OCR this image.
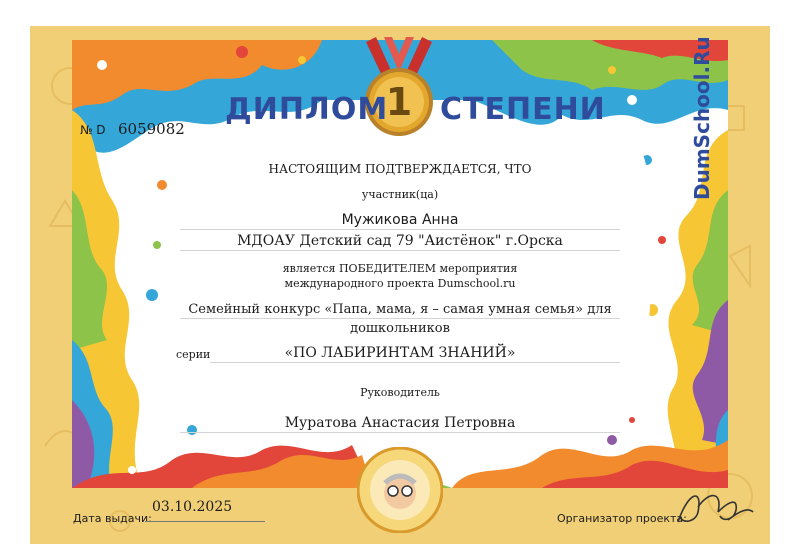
1
ДИПЛОМ СТЕПЕНИ
№ D 6059082	DumSchool.Ru
НАСТОЯЩИМ ПОДТВЕРЖДАЕТСЯ, ЧТО
участник(ца)
Мужикова Анна
МДОАУ Детский сад 79 "Аистёнок" г.Орска
является ПОБЕДИТЕЛЕМ мероприятия
международного проекта Dumschool.ru
Семейный конкурс «Папа, мама, я – самая умная семья» для
дошкольников
серии	«ПО ЛАБИРИНТАМ ЗНАНИЙ»
Руководитель
Муратова Анастасия Петровна
Дата выдачи:
03.10.2025
Организатор проекта:
